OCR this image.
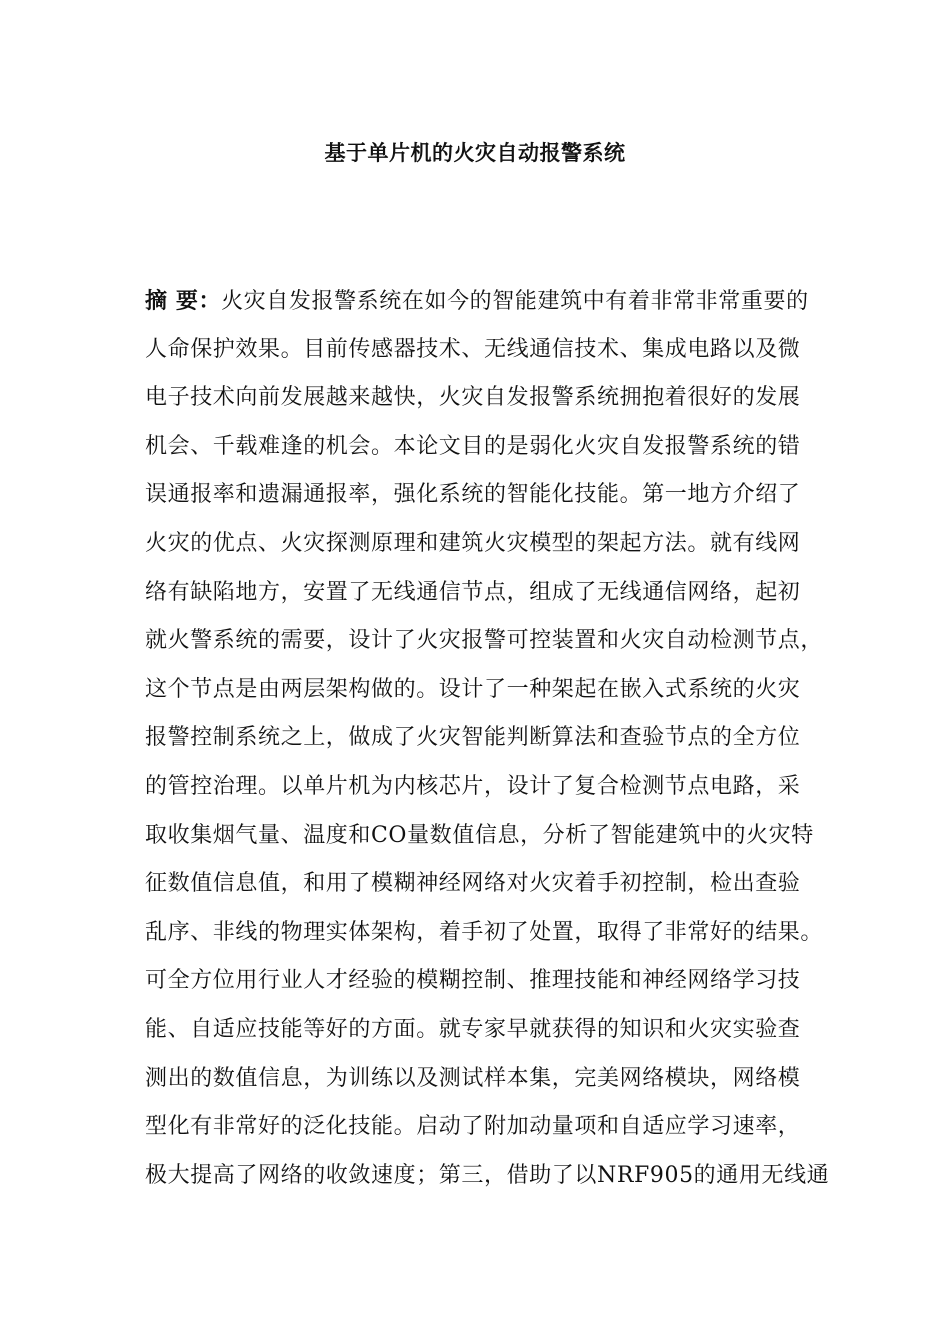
基于单片机的火灾自动报警系统
摘 要：火灾自发报警系统在如今的智能建筑中有着非常非常重要的
人命保护效果。目前传感器技术、无线通信技术、集成电路以及微
电子技术向前发展越来越快，火灾自发报警系统拥抱着很好的发展
机会、千载难逢的机会。本论文目的是弱化火灾自发报警系统的错
误通报率和遗漏通报率，强化系统的智能化技能。第一地方介绍了
火灾的优点、火灾探测原理和建筑火灾模型的架起方法。就有线网
络有缺陷地方，安置了无线通信节点，组成了无线通信网络，起初
就火警系统的需要，设计了火灾报警可控装置和火灾自动检测节点，
这个节点是由两层架构做的。设计了一种架起在嵌入式系统的火灾
报警控制系统之上，做成了火灾智能判断算法和查验节点的全方位
的管控治理。以单片机为内核芯片，设计了复合检测节点电路，采
取收集烟气量、温度和CO量数值信息，分析了智能建筑中的火灾特
征数值信息值，和用了模糊神经网络对火灾着手初控制，检出查验
乱序、非线的物理实体架构，着手初了处置，取得了非常好的结果。
可全方位用行业人才经验的模糊控制、推理技能和神经网络学习技
能、自适应技能等好的方面。就专家早就获得的知识和火灾实验查
测出的数值信息，为训练以及测试样本集，完美网络模块，网络模
型化有非常好的泛化技能。启动了附加动量项和自适应学习速率，
极大提高了网络的收敛速度；第三，借助了以NRF905的通用无线通
